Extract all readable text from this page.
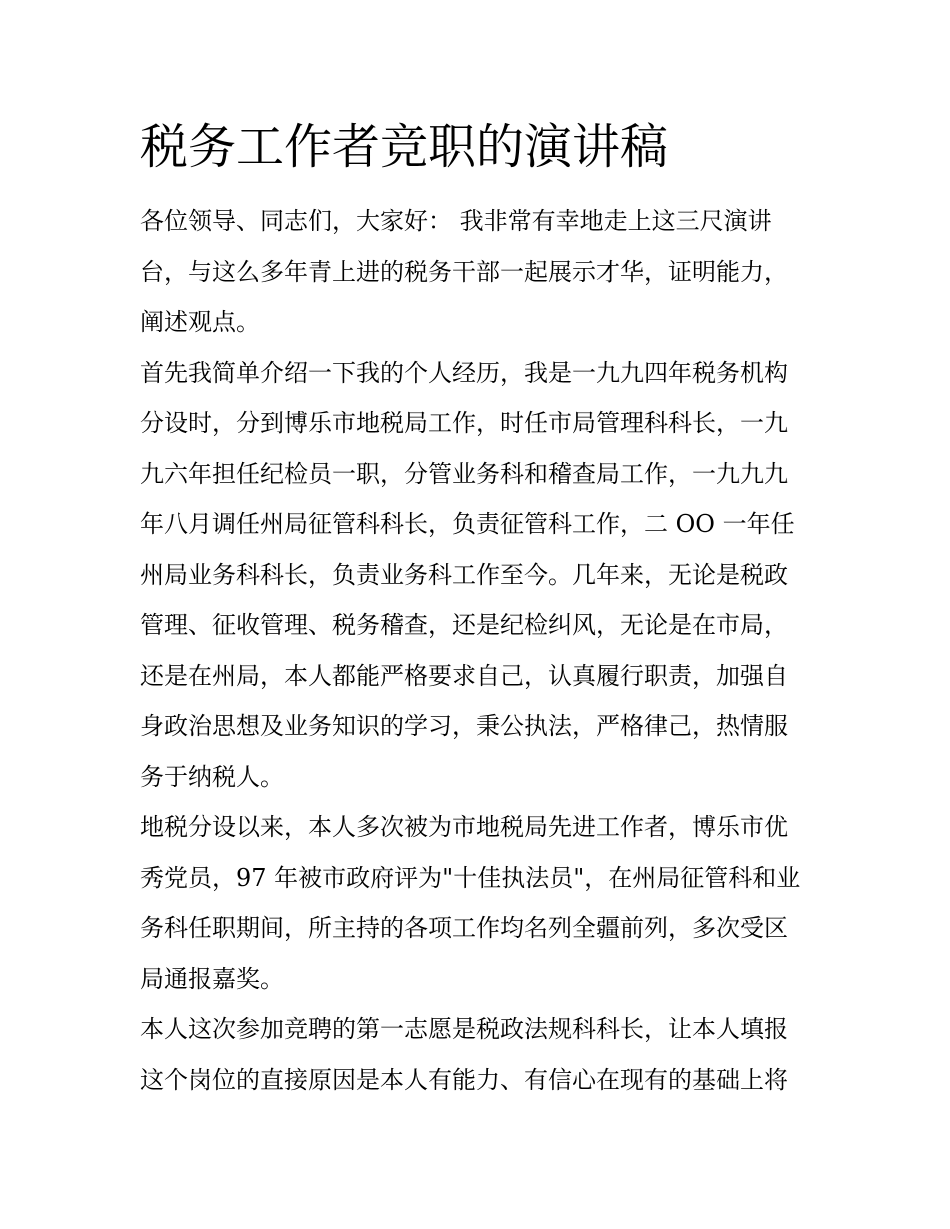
税务工作者竞职的演讲稿

各位领导、同志们，大家好： 我非常有幸地走上这三尺演讲
台，与这么多年青上进的税务干部一起展示才华，证明能力，
阐述观点。

首先我简单介绍一下我的个人经历，我是一九九四年税务机构
分设时，分到博乐市地税局工作，时任市局管理科科长，一九
九六年担任纪检员一职，分管业务科和稽查局工作，一九九九
年八月调任州局征管科科长，负责征管科工作，二 OO 一年任
州局业务科科长，负责业务科工作至今。几年来，无论是税政
管理、征收管理、税务稽查，还是纪检纠风，无论是在市局，
还是在州局，本人都能严格要求自己，认真履行职责，加强自
身政治思想及业务知识的学习，秉公执法，严格律己，热情服
务于纳税人。

地税分设以来，本人多次被为市地税局先进工作者，博乐市优
秀党员，97 年被市政府评为"十佳执法员"，在州局征管科和业
务科任职期间，所主持的各项工作均名列全疆前列，多次受区
局通报嘉奖。

本人这次参加竞聘的第一志愿是税政法规科科长，让本人填报
这个岗位的直接原因是本人有能力、有信心在现有的基础上将
